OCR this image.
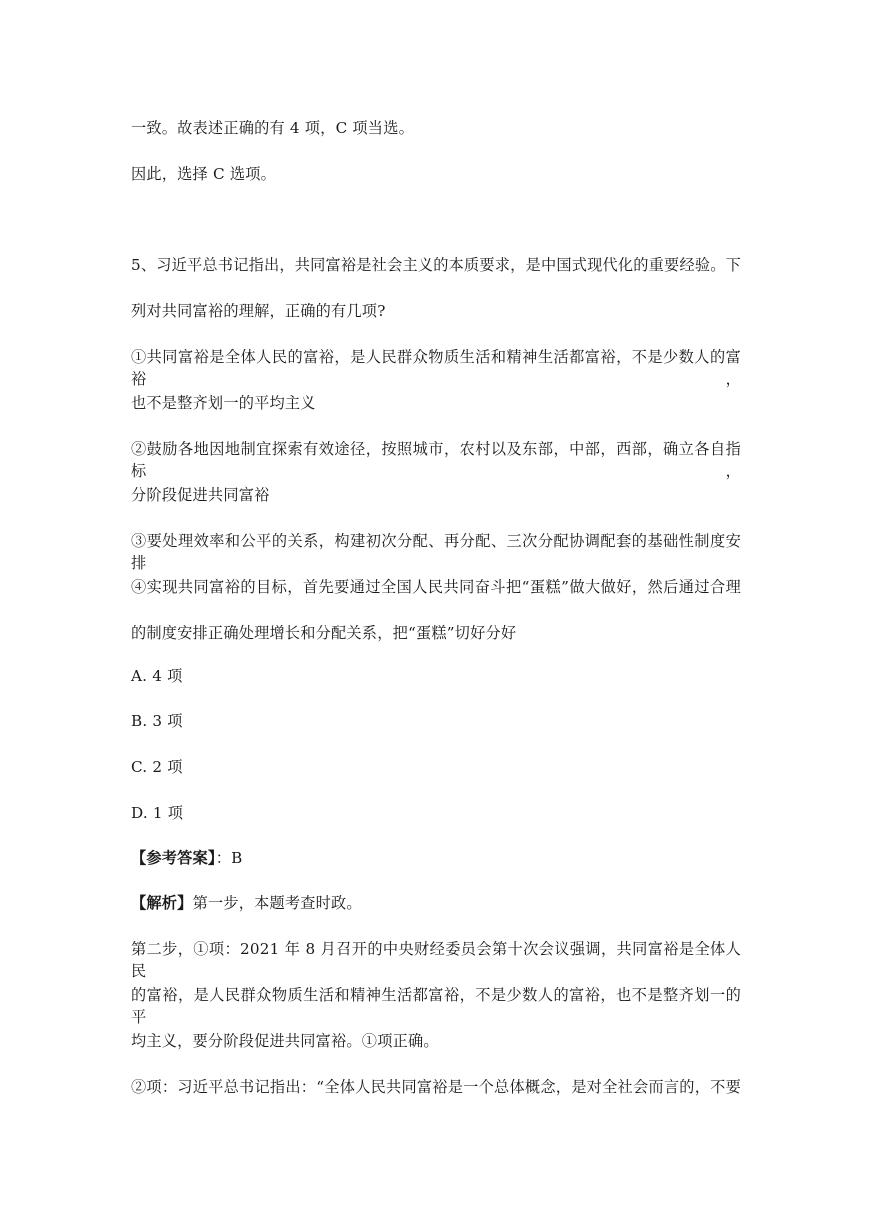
一致。故表述正确的有 4 项，C 项当选。
因此，选择 C 选项。
5、习近平总书记指出，共同富裕是社会主义的本质要求，是中国式现代化的重要经验。下
列对共同富裕的理解，正确的有几项?
①共同富裕是全体人民的富裕，是人民群众物质生活和精神生活都富裕，不是少数人的富裕，
也不是整齐划一的平均主义
②鼓励各地因地制宜探索有效途径，按照城市，农村以及东部，中部，西部，确立各自指标，
分阶段促进共同富裕
③要处理效率和公平的关系，构建初次分配、再分配、三次分配协调配套的基础性制度安排
④实现共同富裕的目标，首先要通过全国人民共同奋斗把“蛋糕”做大做好，然后通过合理
的制度安排正确处理增长和分配关系，把“蛋糕”切好分好
A. 4 项
B. 3 项
C. 2 项
D. 1 项
【参考答案】：B
【解析】第一步，本题考查时政。
第二步，①项：2021 年 8 月召开的中央财经委员会第十次会议强调，共同富裕是全体人民
的富裕，是人民群众物质生活和精神生活都富裕，不是少数人的富裕，也不是整齐划一的平
均主义，要分阶段促进共同富裕。①项正确。
②项：习近平总书记指出：“全体人民共同富裕是一个总体概念，是对全社会而言的，不要
